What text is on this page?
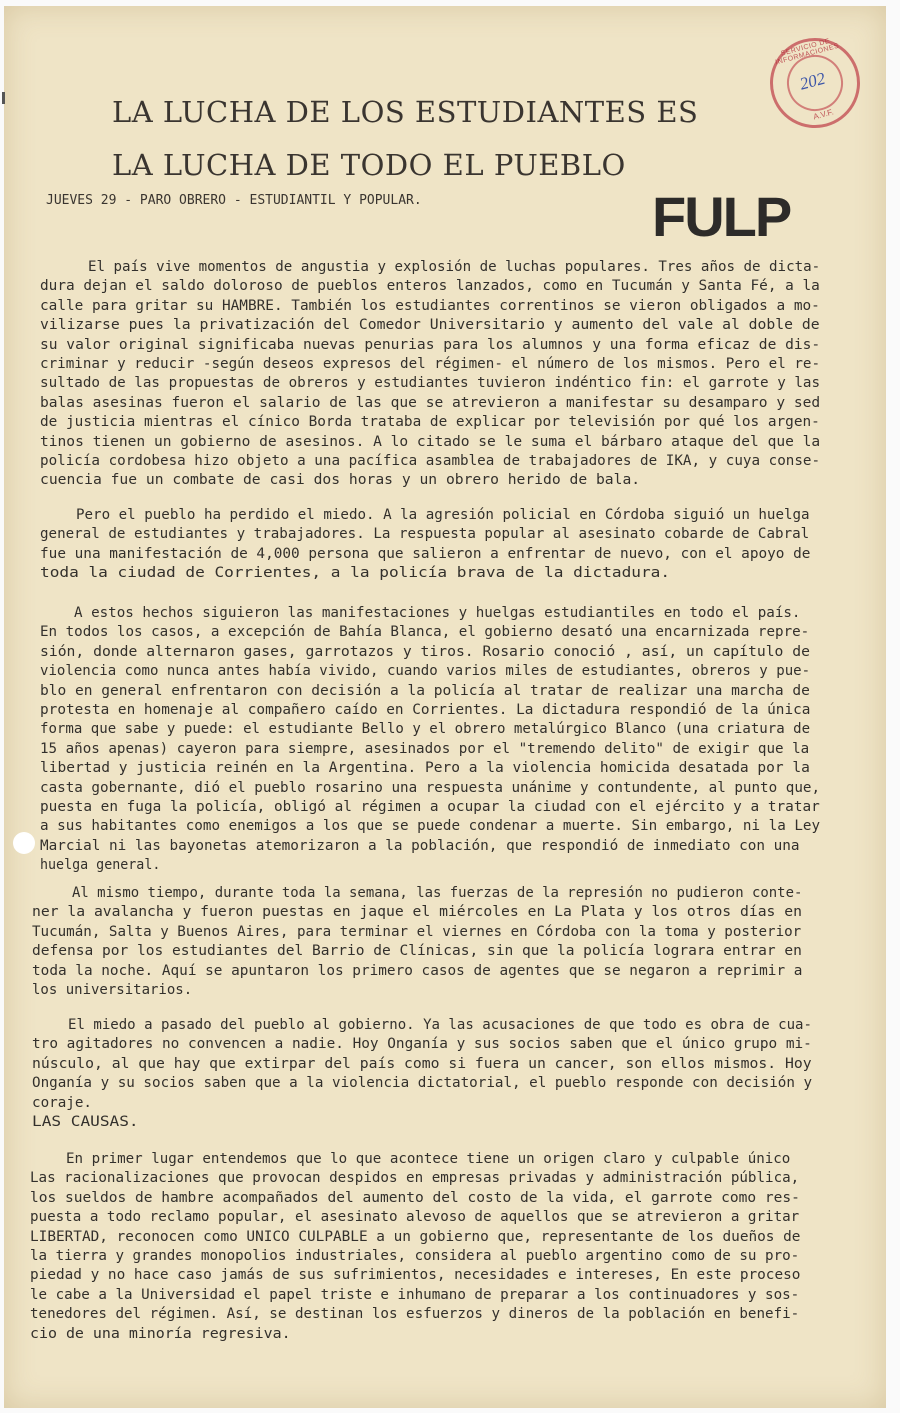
LA LUCHA DE LOS ESTUDIANTES ES
LA LUCHA DE TODO EL PUEBLO
JUEVES 29 - PARO OBRERO - ESTUDIANTIL Y POPULAR.	FULP
SERVICIO DE INFORMACIONES
202
A.V.F.
El país vive momentos de angustia y explosión de luchas populares. Tres años de dicta-
dura dejan el saldo doloroso de pueblos enteros lanzados, como en Tucumán y Santa Fé, a la
calle para gritar su HAMBRE. También los estudiantes correntinos se vieron obligados a mo-
vilizarse pues la privatización del Comedor Universitario y aumento del vale al doble de
su valor original significaba nuevas penurias para los alumnos y una forma eficaz de dis-
criminar y reducir -según deseos expresos del régimen- el número de los mismos. Pero el re-
sultado de las propuestas de obreros y estudiantes tuvieron indéntico fin: el garrote y las
balas asesinas fueron el salario de las que se atrevieron a manifestar su desamparo y sed
de justicia mientras el cínico Borda trataba de explicar por televisión por qué los argen-
tinos tienen un gobierno de asesinos. A lo citado se le suma el bárbaro ataque del que la
policía cordobesa hizo objeto a una pacífica asamblea de trabajadores de IKA, y cuya conse-
cuencia fue un combate de casi dos horas y un obrero herido de bala.
Pero el pueblo ha perdido el miedo. A la agresión policial en Córdoba siguió un huelga
general de estudiantes y trabajadores. La respuesta popular al asesinato cobarde de Cabral
fue una manifestación de 4,000 persona que salieron a enfrentar de nuevo, con el apoyo de
toda la ciudad de Corrientes, a la policía brava de la dictadura.
A estos hechos siguieron las manifestaciones y huelgas estudiantiles en todo el país.
En todos los casos, a excepción de Bahía Blanca, el gobierno desató una encarnizada repre-
sión, donde alternaron gases, garrotazos y tiros. Rosario conoció , así, un capítulo de
violencia como nunca antes había vivido, cuando varios miles de estudiantes, obreros y pue-
blo en general enfrentaron con decisión a la policía al tratar de realizar una marcha de
protesta en homenaje al compañero caído en Corrientes. La dictadura respondió de la única
forma que sabe y puede: el estudiante Bello y el obrero metalúrgico Blanco (una criatura de
15 años apenas) cayeron para siempre, asesinados por el "tremendo delito" de exigir que la
libertad y justicia reinén en la Argentina. Pero a la violencia homicida desatada por la
casta gobernante, dió el pueblo rosarino una respuesta unánime y contundente, al punto que,
puesta en fuga la policía, obligó al régimen a ocupar la ciudad con el ejército y a tratar
a sus habitantes como enemigos a los que se puede condenar a muerte. Sin embargo, ni la Ley
Marcial ni las bayonetas atemorizaron a la población, que respondió de inmediato con una
huelga general.
Al mismo tiempo, durante toda la semana, las fuerzas de la represión no pudieron conte-
ner la avalancha y fueron puestas en jaque el miércoles en La Plata y los otros días en
Tucumán, Salta y Buenos Aires, para terminar el viernes en Córdoba con la toma y posterior
defensa por los estudiantes del Barrio de Clínicas, sin que la policía lograra entrar en
toda la noche. Aquí se apuntaron los primero casos de agentes que se negaron a reprimir a
los universitarios.
El miedo a pasado del pueblo al gobierno. Ya las acusaciones de que todo es obra de cua-
tro agitadores no convencen a nadie. Hoy Onganía y sus socios saben que el único grupo mi-
núsculo, al que hay que extirpar del país como si fuera un cancer, son ellos mismos. Hoy
Onganía y su socios saben que a la violencia dictatorial, el pueblo responde con decisión y
coraje.
LAS CAUSAS.
En primer lugar entendemos que lo que acontece tiene un origen claro y culpable único
Las racionalizaciones que provocan despidos en empresas privadas y administración pública,
los sueldos de hambre acompañados del aumento del costo de la vida, el garrote como res-
puesta a todo reclamo popular, el asesinato alevoso de aquellos que se atrevieron a gritar
LIBERTAD, reconocen como UNICO CULPABLE a un gobierno que, representante de los dueños de
la tierra y grandes monopolios industriales, considera al pueblo argentino como de su pro-
piedad y no hace caso jamás de sus sufrimientos, necesidades e intereses, En este proceso
le cabe a la Universidad el papel triste e inhumano de preparar a los continuadores y sos-
tenedores del régimen. Así, se destinan los esfuerzos y dineros de la población en benefi-
cio de una minoría regresiva.
